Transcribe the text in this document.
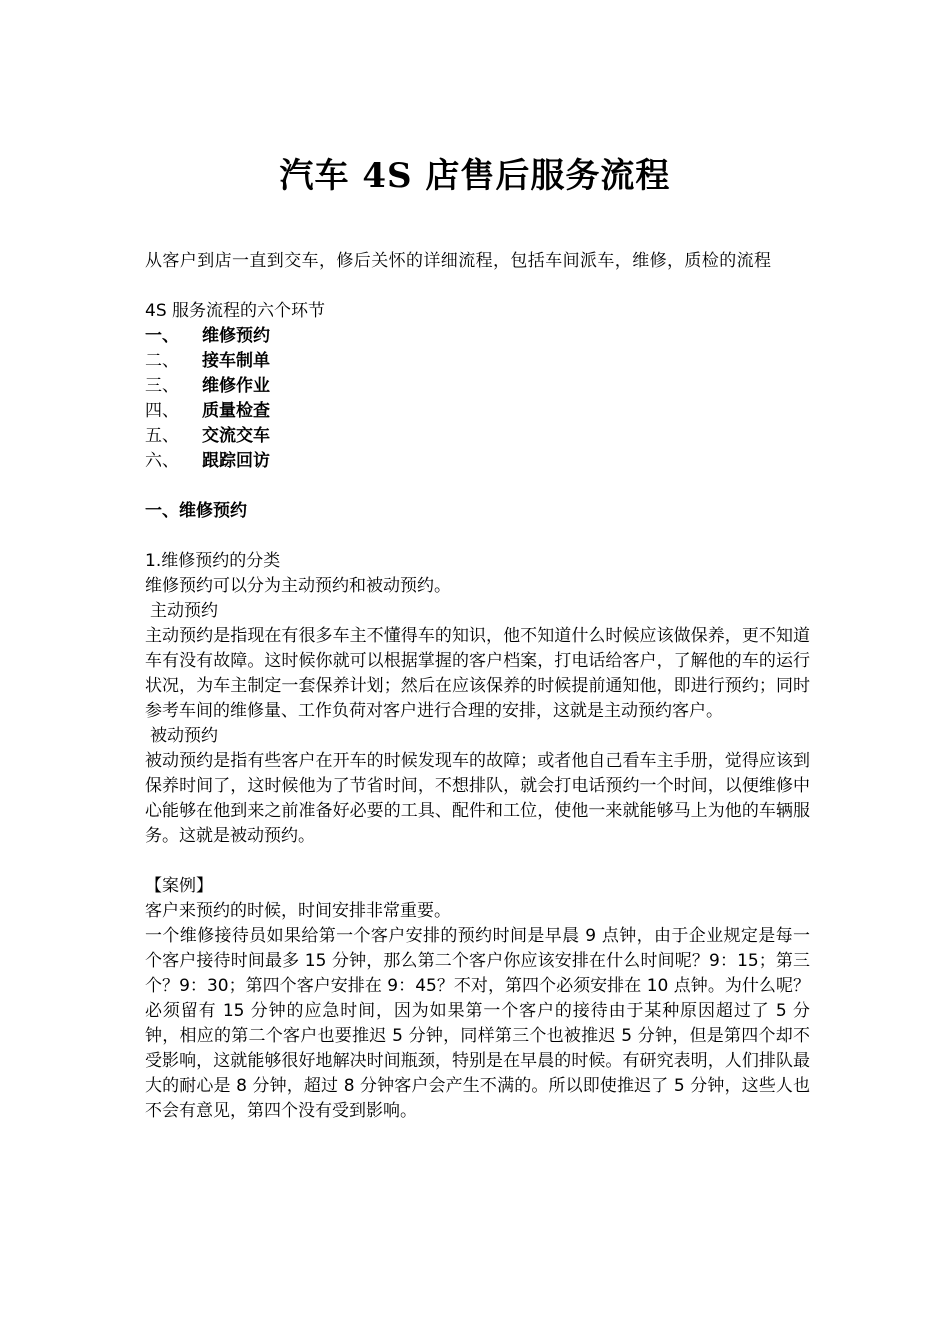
汽车 4S 店售后服务流程

从客户到店一直到交车，修后关怀的详细流程，包括车间派车，维修，质检的流程

4S 服务流程的六个环节

一、	维修预约
二、	接车制单
三、	维修作业
四、	质量检查
五、	交流交车
六、	跟踪回访

一、维修预约

1.维修预约的分类

维修预约可以分为主动预约和被动预约。

主动预约

主动预约是指现在有很多车主不懂得车的知识，他不知道什么时候应该做保养，更不知道车有没有故障。这时候你就可以根据掌握的客户档案，打电话给客户，了解他的车的运行状况，为车主制定一套保养计划；然后在应该保养的时候提前通知他，即进行预约；同时参考车间的维修量、工作负荷对客户进行合理的安排，这就是主动预约客户。

被动预约

被动预约是指有些客户在开车的时候发现车的故障；或者他自己看车主手册，觉得应该到保养时间了，这时候他为了节省时间，不想排队，就会打电话预约一个时间，以便维修中心能够在他到来之前准备好必要的工具、配件和工位，使他一来就能够马上为他的车辆服务。这就是被动预约。

【案例】

客户来预约的时候，时间安排非常重要。

一个维修接待员如果给第一个客户安排的预约时间是早晨 9 点钟，由于企业规定是每一个客户接待时间最多 15 分钟，那么第二个客户你应该安排在什么时间呢？9：15；第三个？9：30；第四个客户安排在 9：45？不对，第四个必须安排在 10 点钟。为什么呢？必须留有 15 分钟的应急时间，因为如果第一个客户的接待由于某种原因超过了 5 分钟，相应的第二个客户也要推迟 5 分钟，同样第三个也被推迟 5 分钟，但是第四个却不受影响，这就能够很好地解决时间瓶颈，特别是在早晨的时候。有研究表明，人们排队最大的耐心是 8 分钟，超过 8 分钟客户会产生不满的。所以即使推迟了 5 分钟，这些人也不会有意见，第四个没有受到影响。
